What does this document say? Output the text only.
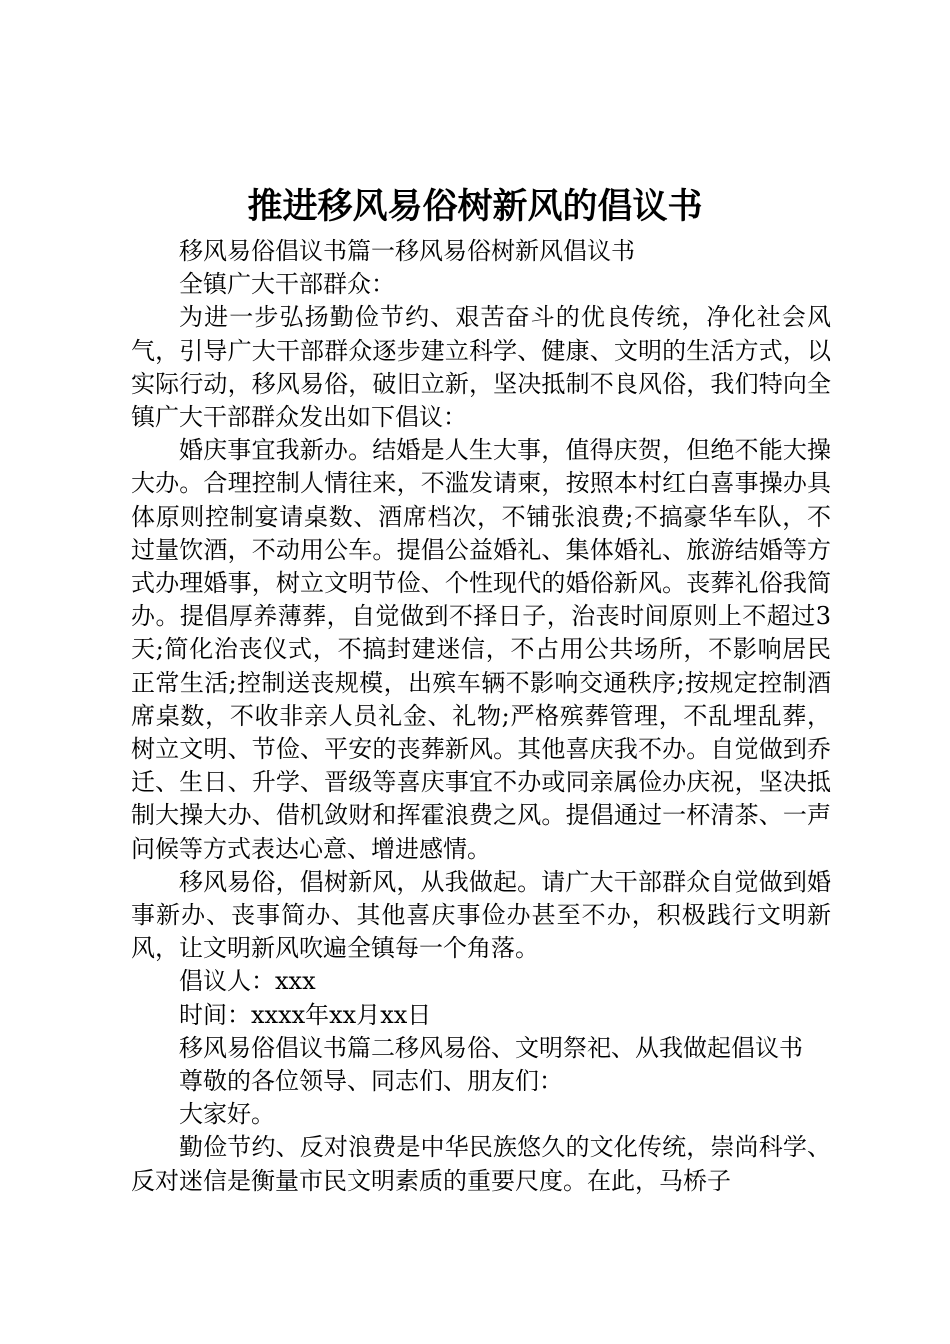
推进移风易俗树新风的倡议书

移风易俗倡议书篇一移风易俗树新风倡议书

全镇广大干部群众：

为进一步弘扬勤俭节约、艰苦奋斗的优良传统，净化社会风气，引导广大干部群众逐步建立科学、健康、文明的生活方式，以实际行动，移风易俗，破旧立新，坚决抵制不良风俗，我们特向全镇广大干部群众发出如下倡议：

婚庆事宜我新办。结婚是人生大事，值得庆贺，但绝不能大操大办。合理控制人情往来，不滥发请柬，按照本村红白喜事操办具体原则控制宴请桌数、酒席档次，不铺张浪费;不搞豪华车队，不过量饮酒，不动用公车。提倡公益婚礼、集体婚礼、旅游结婚等方式办理婚事，树立文明节俭、个性现代的婚俗新风。丧葬礼俗我简办。提倡厚养薄葬，自觉做到不择日子，治丧时间原则上不超过3天;简化治丧仪式，不搞封建迷信，不占用公共场所，不影响居民正常生活;控制送丧规模，出殡车辆不影响交通秩序;按规定控制酒席桌数，不收非亲人员礼金、礼物;严格殡葬管理，不乱埋乱葬，树立文明、节俭、平安的丧葬新风。其他喜庆我不办。自觉做到乔迁、生日、升学、晋级等喜庆事宜不办或同亲属俭办庆祝，坚决抵制大操大办、借机敛财和挥霍浪费之风。提倡通过一杯清茶、一声问候等方式表达心意、增进感情。

移风易俗，倡树新风，从我做起。请广大干部群众自觉做到婚事新办、丧事简办、其他喜庆事俭办甚至不办，积极践行文明新风，让文明新风吹遍全镇每一个角落。

倡议人：xxx

时间：xxxx年xx月xx日

移风易俗倡议书篇二移风易俗、文明祭祀、从我做起倡议书

尊敬的各位领导、同志们、朋友们：

大家好。

勤俭节约、反对浪费是中华民族悠久的文化传统，崇尚科学、反对迷信是衡量市民文明素质的重要尺度。在此，马桥子
